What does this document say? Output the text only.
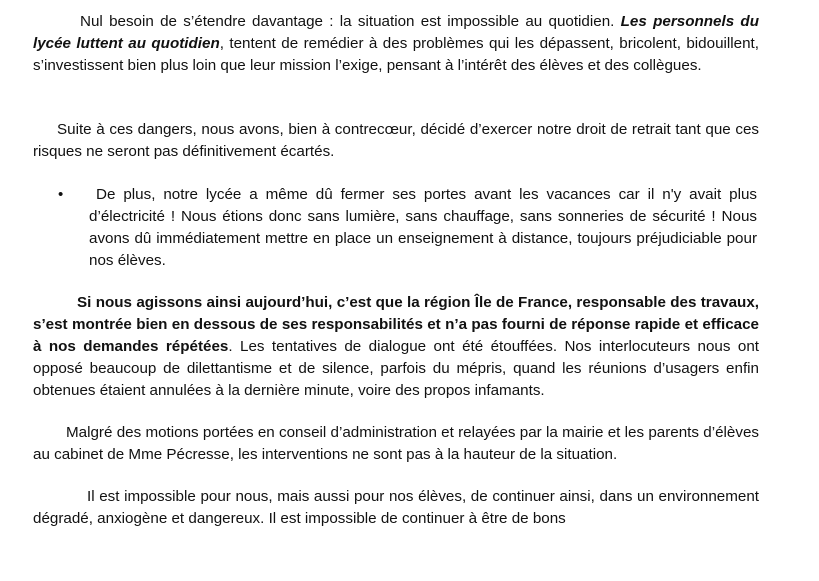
Nul besoin de s’étendre davantage : la situation est impossible au quotidien. Les personnels du lycée luttent au quotidien, tentent de remédier à des problèmes qui les dépassent, bricolent, bidouillent, s’investissent bien plus loin que leur mission l’exige, pensant à l’intérêt des élèves et des collègues.

Suite à ces dangers, nous avons, bien à contrecœur, décidé d’exercer notre droit de retrait tant que ces risques ne seront pas définitivement écartés.

•	De plus, notre lycée a même dû fermer ses portes avant les vacances car il n'y avait plus d’électricité ! Nous étions donc sans lumière, sans chauffage, sans sonneries de sécurité ! Nous avons dû immédiatement mettre en place un enseignement à distance, toujours préjudiciable pour nos élèves.

Si nous agissons ainsi aujourd’hui, c’est que la région Île de France, responsable des travaux, s’est montrée bien en dessous de ses responsabilités et n’a pas fourni de réponse rapide et efficace à nos demandes répétées. Les tentatives de dialogue ont été étouffées. Nos interlocuteurs nous ont opposé beaucoup de dilettantisme et de silence, parfois du mépris, quand les réunions d’usagers enfin obtenues étaient annulées à la dernière minute, voire des propos infamants.

Malgré des motions portées en conseil d’administration et relayées par la mairie et les parents d’élèves au cabinet de Mme Pécresse, les interventions ne sont pas à la hauteur de la situation.

Il est impossible pour nous, mais aussi pour nos élèves, de continuer ainsi, dans un environnement dégradé, anxiogène et dangereux. Il est impossible de continuer à être de bons
